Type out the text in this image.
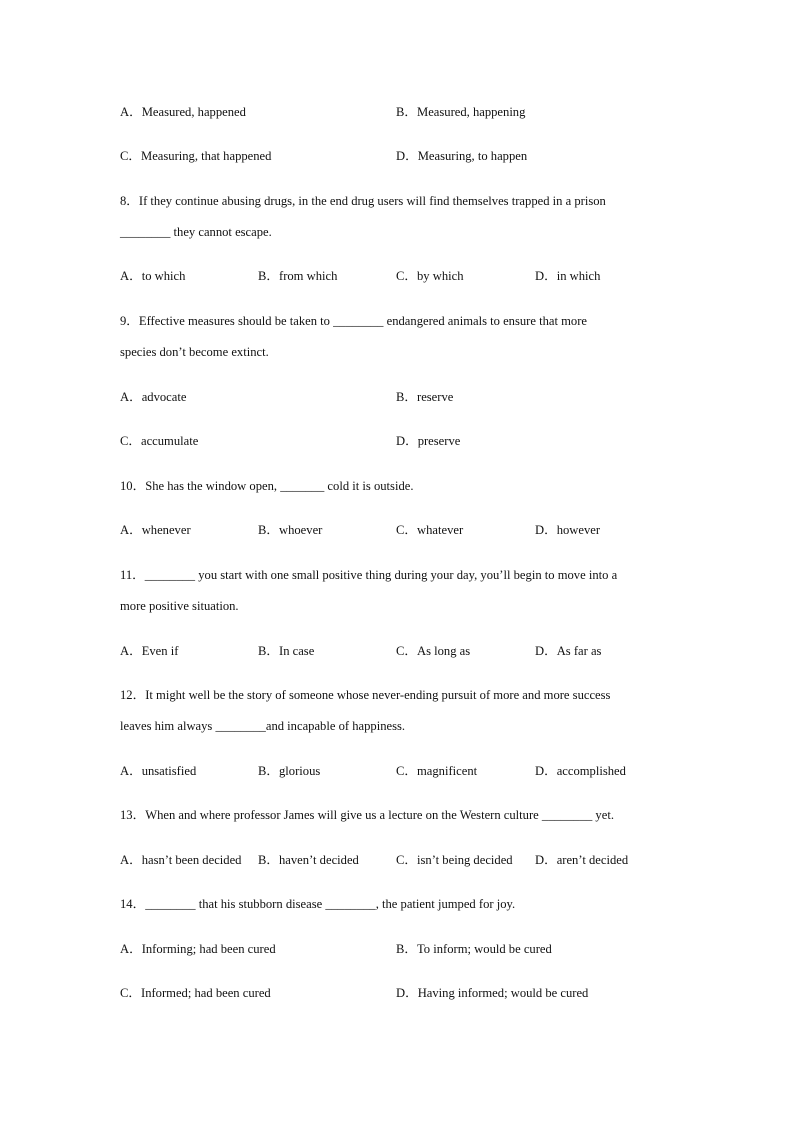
A．Measured, happened	B．Measured, happening
C．Measuring, that happened	D．Measuring, to happen
8．If they continue abusing drugs, in the end drug users will find themselves trapped in a prison
________ they cannot escape.
A．to which	B．from which	C．by which	D．in which
9．Effective measures should be taken to ________ endangered animals to ensure that more
species don’t become extinct.
A．advocate	B．reserve
C．accumulate	D．preserve
10．She has the window open, _______ cold it is outside.
A．whenever	B．whoever	C．whatever	D．however
11．________ you start with one small positive thing during your day, you’ll begin to move into a
more positive situation.
A．Even if	B．In case	C．As long as	D．As far as
12．It might well be the story of someone whose never-ending pursuit of more and more success
leaves him always ________and incapable of happiness.
A．unsatisfied	B．glorious	C．magnificent	D．accomplished
13．When and where professor James will give us a lecture on the Western culture ________ yet.
A．hasn’t been decided B．haven’t decided	C．isn’t being decided D．aren’t decided
14．________ that his stubborn disease ________, the patient jumped for joy.
A．Informing; had been cured	B．To inform; would be cured
C．Informed; had been cured	D．Having informed; would be cured
